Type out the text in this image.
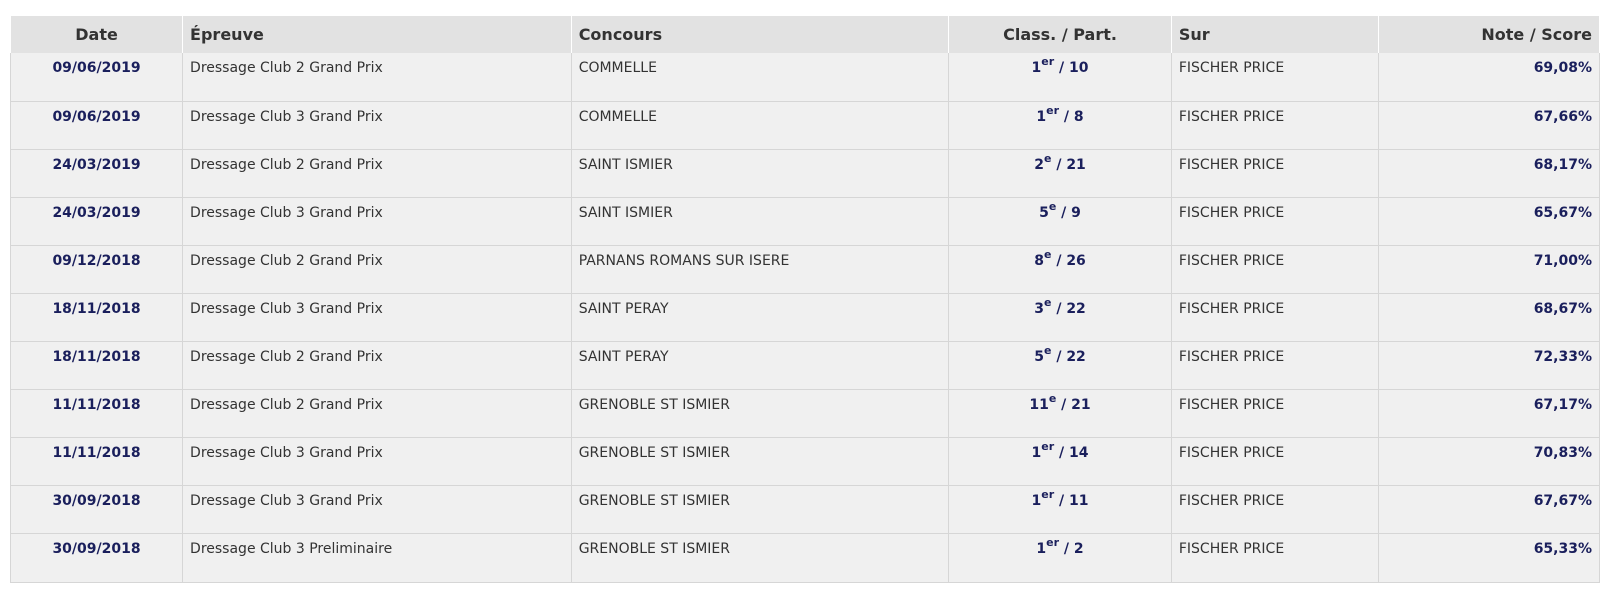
Date	Épreuve	Concours	Class. / Part.	Sur	Note / Score
09/06/2019	Dressage Club 2 Grand Prix	COMMELLE	1er / 10	FISCHER PRICE	69,08%
09/06/2019	Dressage Club 3 Grand Prix	COMMELLE	1er / 8	FISCHER PRICE	67,66%
24/03/2019	Dressage Club 2 Grand Prix	SAINT ISMIER	2e / 21	FISCHER PRICE	68,17%
24/03/2019	Dressage Club 3 Grand Prix	SAINT ISMIER	5e / 9	FISCHER PRICE	65,67%
09/12/2018	Dressage Club 2 Grand Prix	PARNANS ROMANS SUR ISERE	8e / 26	FISCHER PRICE	71,00%
18/11/2018	Dressage Club 3 Grand Prix	SAINT PERAY	3e / 22	FISCHER PRICE	68,67%
18/11/2018	Dressage Club 2 Grand Prix	SAINT PERAY	5e / 22	FISCHER PRICE	72,33%
11/11/2018	Dressage Club 2 Grand Prix	GRENOBLE ST ISMIER	11e / 21	FISCHER PRICE	67,17%
11/11/2018	Dressage Club 3 Grand Prix	GRENOBLE ST ISMIER	1er / 14	FISCHER PRICE	70,83%
30/09/2018	Dressage Club 3 Grand Prix	GRENOBLE ST ISMIER	1er / 11	FISCHER PRICE	67,67%
30/09/2018	Dressage Club 3 Preliminaire	GRENOBLE ST ISMIER	1er / 2	FISCHER PRICE	65,33%
